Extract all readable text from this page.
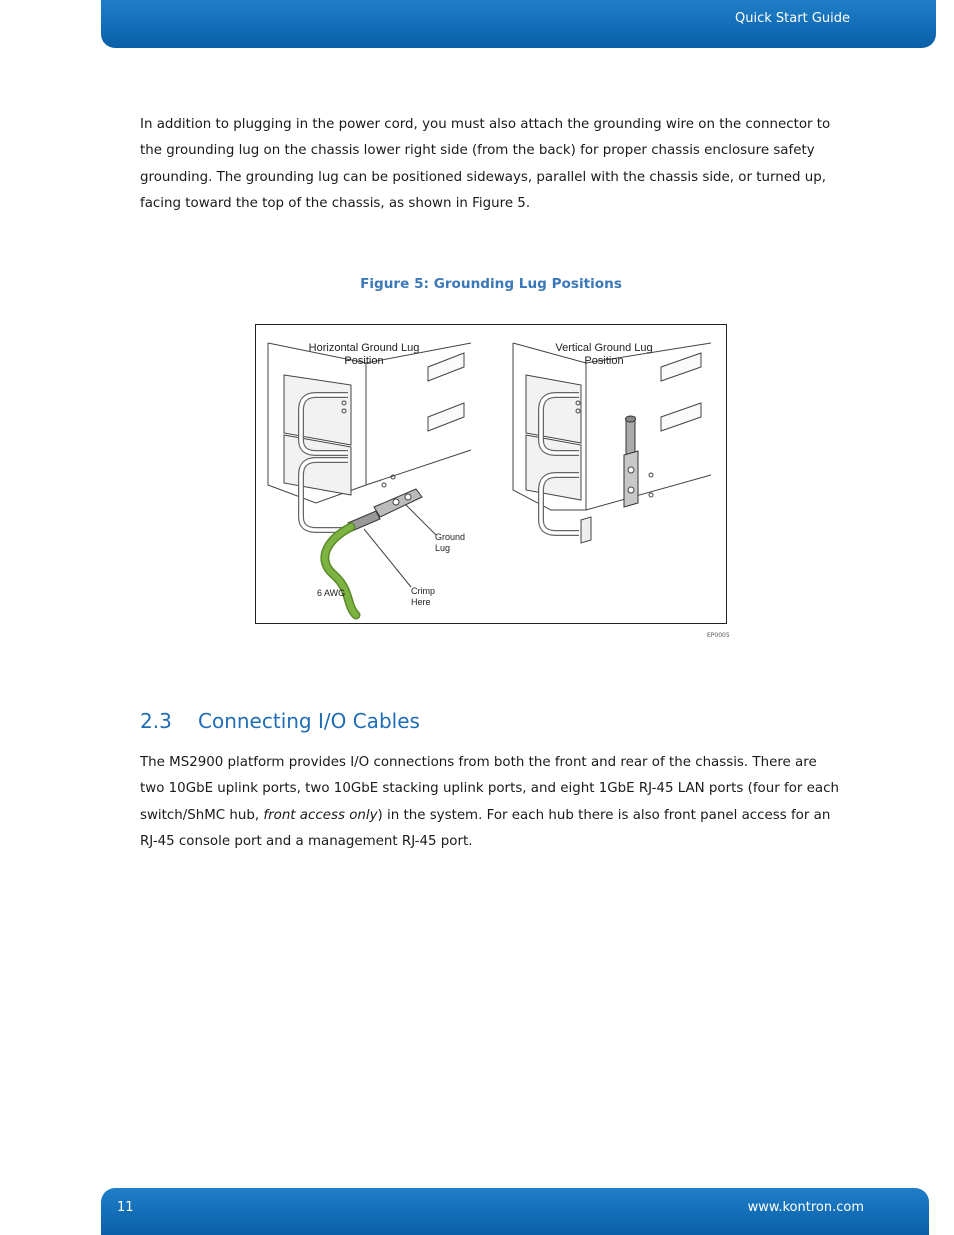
Quick Start Guide

In addition to plugging in the power cord, you must also attach the grounding wire on the connector to the grounding lug on the chassis lower right side (from the back) for proper chassis enclosure safety grounding. The grounding lug can be positioned sideways, parallel with the chassis side, or turned up, facing toward the top of the chassis, as shown in Figure 5.

Figure 5: Grounding Lug Positions
Horizontal Ground Lug
Position
Vertical Ground Lug
Position
Ground
Lug
Crimp
Here
6 AWG
EP0005
2.3 Connecting I/O Cables

The MS2900 platform provides I/O connections from both the front and rear of the chassis. There are two 10GbE uplink ports, two 10GbE stacking uplink ports, and eight 1GbE RJ-45 LAN ports (four for each switch/ShMC hub, front access only) in the system. For each hub there is also front panel access for an RJ-45 console port and a management RJ-45 port.

11	www.kontron.com
